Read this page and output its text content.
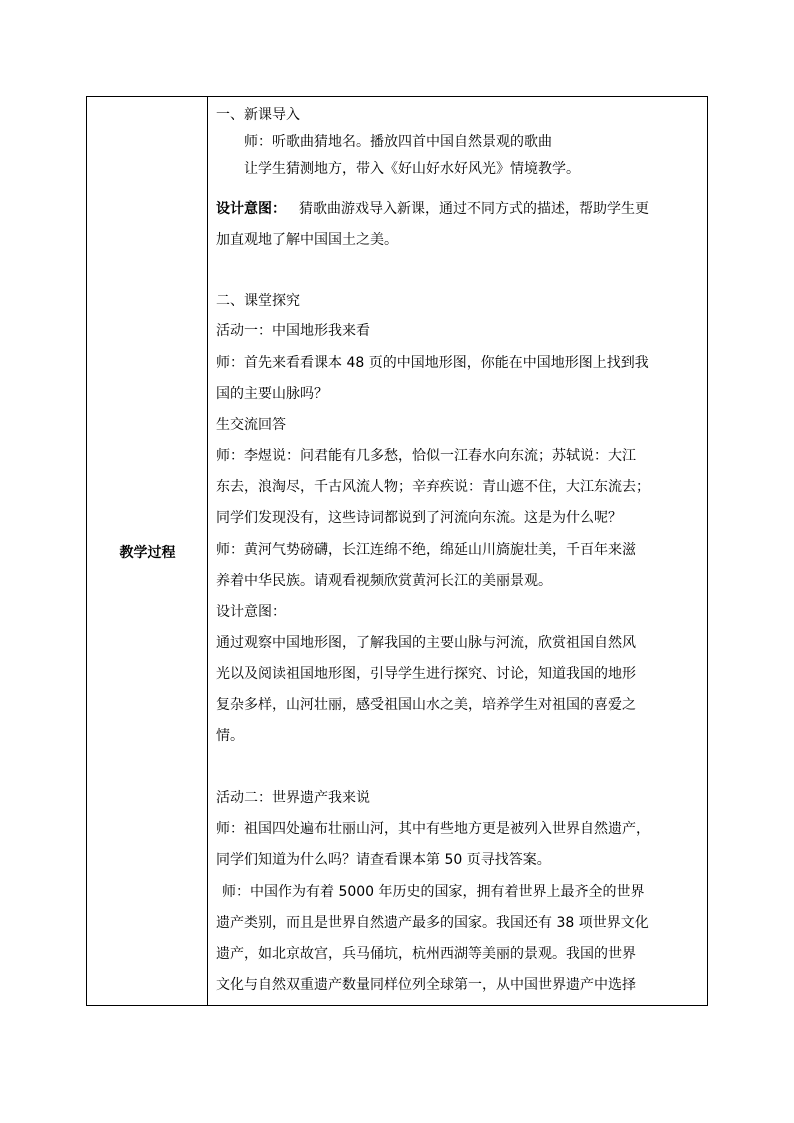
教学过程

一、新课导入

师：听歌曲猜地名。播放四首中国自然景观的歌曲

让学生猜测地方，带入《好山好水好风光》情境教学。

设计意图： 猜歌曲游戏导入新课，通过不同方式的描述，帮助学生更

加直观地了解中国国土之美。

二、课堂探究

活动一：中国地形我来看

师：首先来看看课本 48 页的中国地形图，你能在中国地形图上找到我

国的主要山脉吗？

生交流回答

师：李煜说：问君能有几多愁，恰似一江春水向东流；苏轼说：大江

东去，浪淘尽，千古风流人物；辛弃疾说：青山遮不住，大江东流去；

同学们发现没有，这些诗词都说到了河流向东流。这是为什么呢？

师：黄河气势磅礴，长江连绵不绝，绵延山川旖旎壮美，千百年来滋

养着中华民族。请观看视频欣赏黄河长江的美丽景观。

设计意图：

通过观察中国地形图，了解我国的主要山脉与河流，欣赏祖国自然风

光以及阅读祖国地形图，引导学生进行探究、讨论，知道我国的地形

复杂多样，山河壮丽，感受祖国山水之美，培养学生对祖国的喜爱之

情。

活动二：世界遗产我来说

师：祖国四处遍布壮丽山河，其中有些地方更是被列入世界自然遗产，

同学们知道为什么吗？请查看课本第 50 页寻找答案。

师：中国作为有着 5000 年历史的国家，拥有着世界上最齐全的世界

遗产类别，而且是世界自然遗产最多的国家。我国还有 38 项世界文化

遗产，如北京故宫，兵马俑坑，杭州西湖等美丽的景观。我国的世界

文化与自然双重遗产数量同样位列全球第一，从中国世界遗产中选择
